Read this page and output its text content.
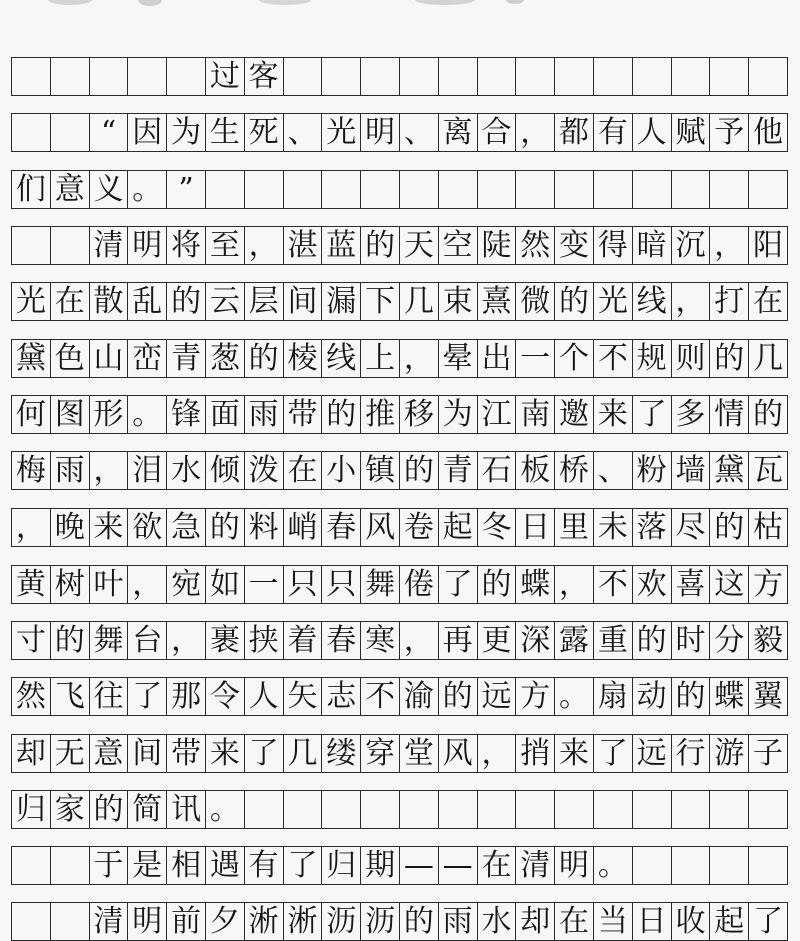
过 客
“ 因 为 生 死 、 光 明 、 离 合 ， 都 有 人 赋 予 他
们 意 义 。 ”
清 明 将 至 ， 湛 蓝 的 天 空 陡 然 变 得 暗 沉 ， 阳
光 在 散 乱 的 云 层 间 漏 下 几 束 熹 微 的 光 线 ， 打 在
黛 色 山 峦 青 葱 的 棱 线 上 ， 晕 出 一 个 不 规 则 的 几
何 图 形 。 锋 面 雨 带 的 推 移 为 江 南 邀 来 了 多 情 的
梅 雨 ， 泪 水 倾 泼 在 小 镇 的 青 石 板 桥 、 粉 墙 黛 瓦
， 晚 来 欲 急 的 料 峭 春 风 卷 起 冬 日 里 未 落 尽 的 枯
黄 树 叶 ， 宛 如 一 只 只 舞 倦 了 的 蝶 ， 不 欢 喜 这 方
寸 的 舞 台 ， 裹 挟 着 春 寒 ， 再 更 深 露 重 的 时 分 毅
然 飞 往 了 那 令 人 矢 志 不 渝 的 远 方 。 扇 动 的 蝶 翼
却 无 意 间 带 来 了 几 缕 穿 堂 风 ， 捎 来 了 远 行 游 子
归 家 的 简 讯 。
于 是 相 遇 有 了 归 期 — — 在 清 明 。
清 明 前 夕 淅 淅 沥 沥 的 雨 水 却 在 当 日 收 起 了
